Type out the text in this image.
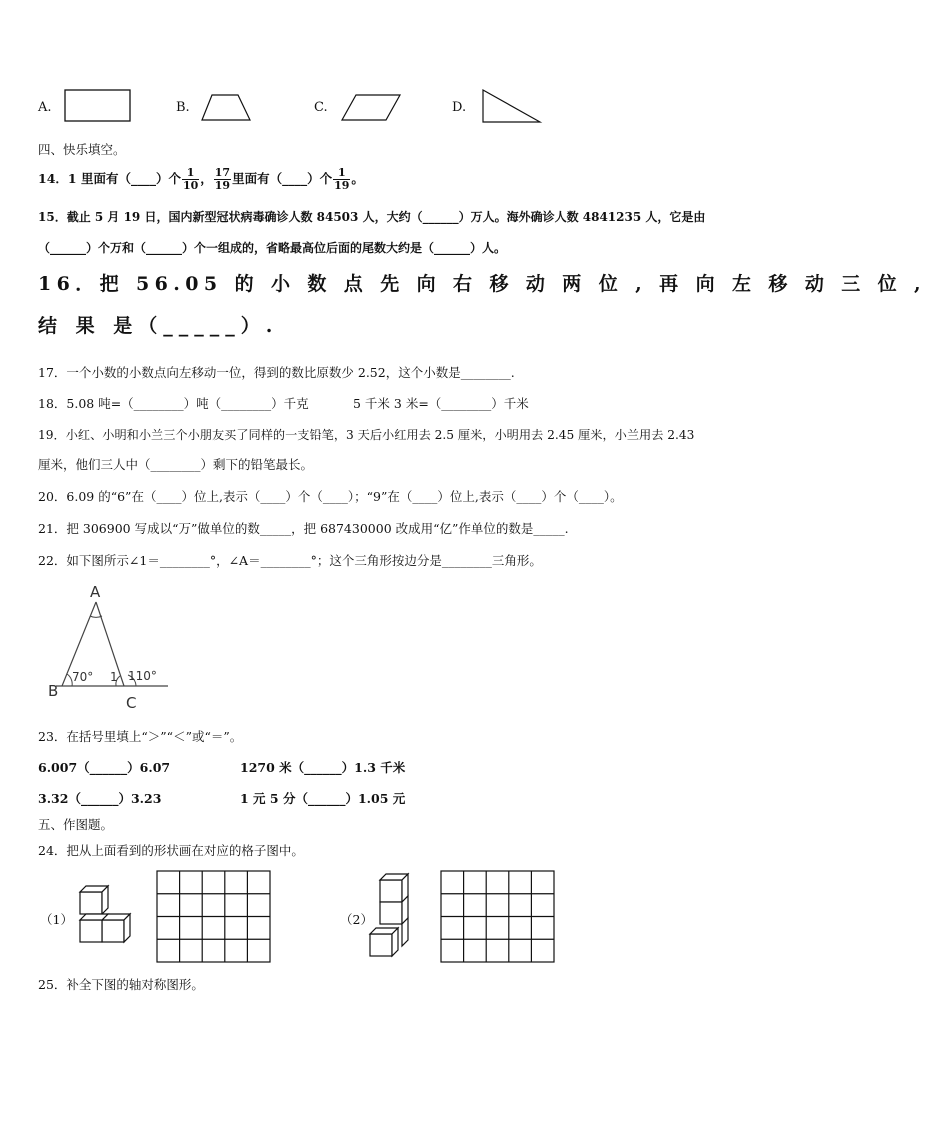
A.	B.	C.	D.
四、快乐填空。
14．1 里面有（____）个 $\frac{1}{10}$ ， $\frac{17}{19}$ 里面有（____）个 $\frac{1}{19}$ 。
15．截止 5 月 19 日，国内新型冠状病毒确诊人数 84503 人，大约（______）万人。海外确诊人数 4841235 人，它是由
（______）个万和（______）个一组成的，省略最高位后面的尾数大约是（______）人。
16．把 56.05 的 小 数 点 先 向 右 移 动 两 位 , 再 向 左 移 动 三 位 ,
结 果 是（_____）.
17．一个小数的小数点向左移动一位，得到的数比原数少 2.52，这个小数是________.
18．5.08 吨=（________）吨（________）千克	5 千米 3 米=（________）千米
19．小红、小明和小兰三个小朋友买了同样的一支铅笔，3 天后小红用去 2.5 厘米，小明用去 2.45 厘米，小兰用去 2.43
厘米，他们三人中（________）剩下的铅笔最长。
20．6.09 的“6”在（____）位上,表示（____）个（____）；“9”在（____）位上,表示（____）个（____）。
21．把 306900 写成以“万”做单位的数_____，把 687430000 改成用“亿”作单位的数是_____.
22．如下图所示∠1＝________°，∠A＝________°；这个三角形按边分是________三角形。
A
B
C
70° 1 110°
23．在括号里填上“＞”“＜”或“＝”。
6.007（______）6.07	1270 米（______）1.3 千米
3.32（______）3.23	1 元 5 分（______）1.05 元
五、作图题。
24．把从上面看到的形状画在对应的格子图中。
（1）	（2）
25．补全下图的轴对称图形。
